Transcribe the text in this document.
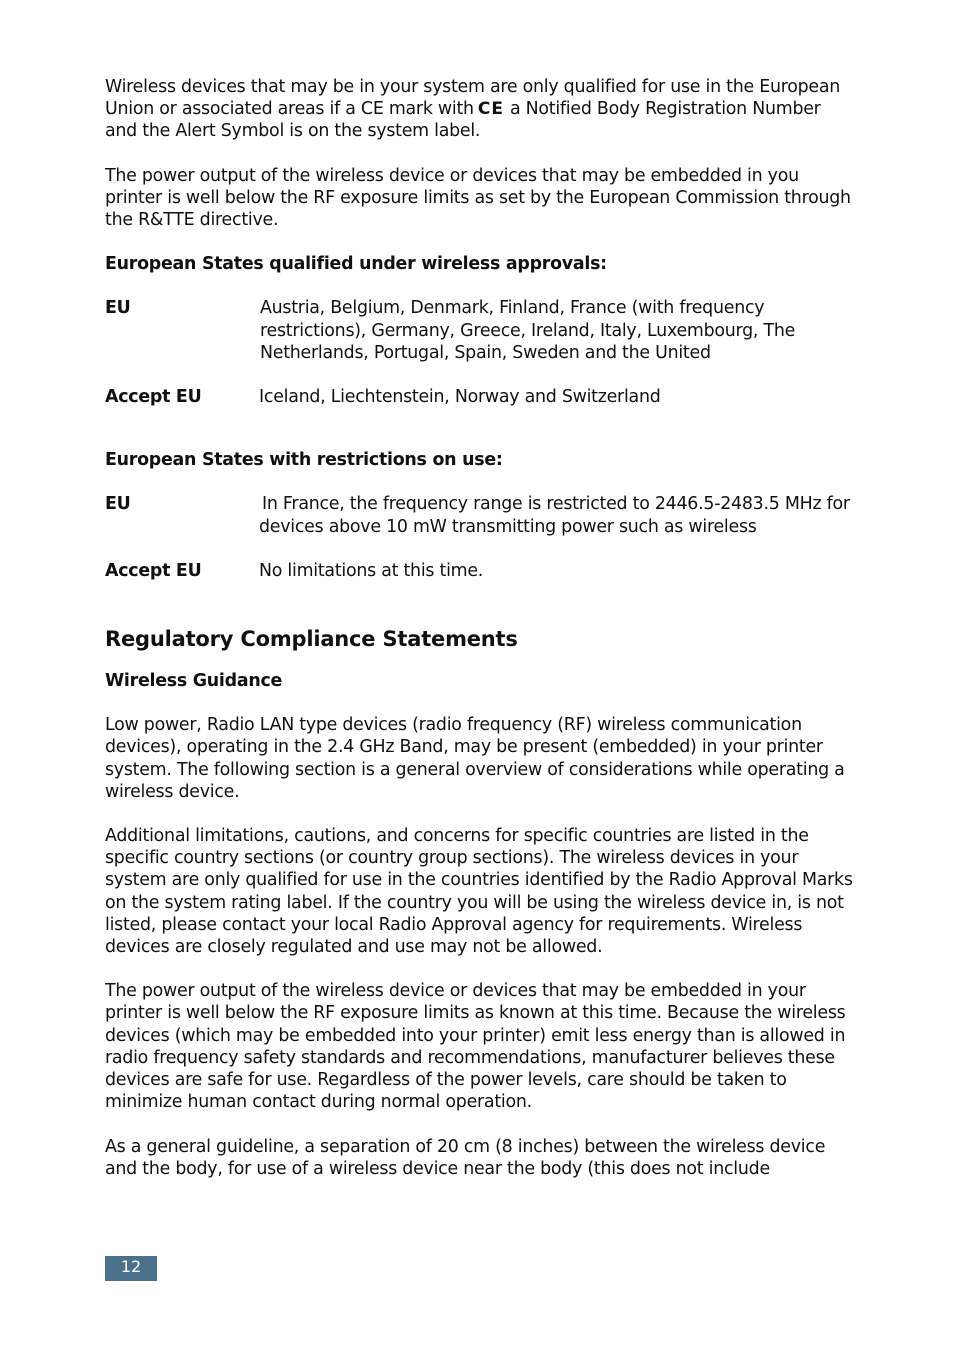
Wireless devices that may be in your system are only qualified for use in the European Union or associated areas if a CE mark with CE a Notified Body Registration Number and the Alert Symbol is on the system label.

The power output of the wireless device or devices that may be embedded in you printer is well below the RF exposure limits as set by the European Commission through the R&TTE directive.

European States qualified under wireless approvals:

EU	Austria, Belgium, Denmark, Finland, France (with frequency restrictions), Germany, Greece, Ireland, Italy, Luxembourg, The Netherlands, Portugal, Spain, Sweden and the United
Accept EU	Iceland, Liechtenstein, Norway and Switzerland

European States with restrictions on use:

EU	In France, the frequency range is restricted to 2446.5-2483.5 MHz for devices above 10 mW transmitting power such as wireless
Accept EU	No limitations at this time.
Regulatory Compliance Statements

Wireless Guidance

Low power, Radio LAN type devices (radio frequency (RF) wireless communication devices), operating in the 2.4 GHz Band, may be present (embedded) in your printer system. The following section is a general overview of considerations while operating a wireless device.

Additional limitations, cautions, and concerns for specific countries are listed in the specific country sections (or country group sections). The wireless devices in your system are only qualified for use in the countries identified by the Radio Approval Marks on the system rating label. If the country you will be using the wireless device in, is not listed, please contact your local Radio Approval agency for requirements. Wireless devices are closely regulated and use may not be allowed.

The power output of the wireless device or devices that may be embedded in your printer is well below the RF exposure limits as known at this time. Because the wireless devices (which may be embedded into your printer) emit less energy than is allowed in radio frequency safety standards and recommendations, manufacturer believes these devices are safe for use. Regardless of the power levels, care should be taken to minimize human contact during normal operation.

As a general guideline, a separation of 20 cm (8 inches) between the wireless device and the body, for use of a wireless device near the body (this does not include

12
